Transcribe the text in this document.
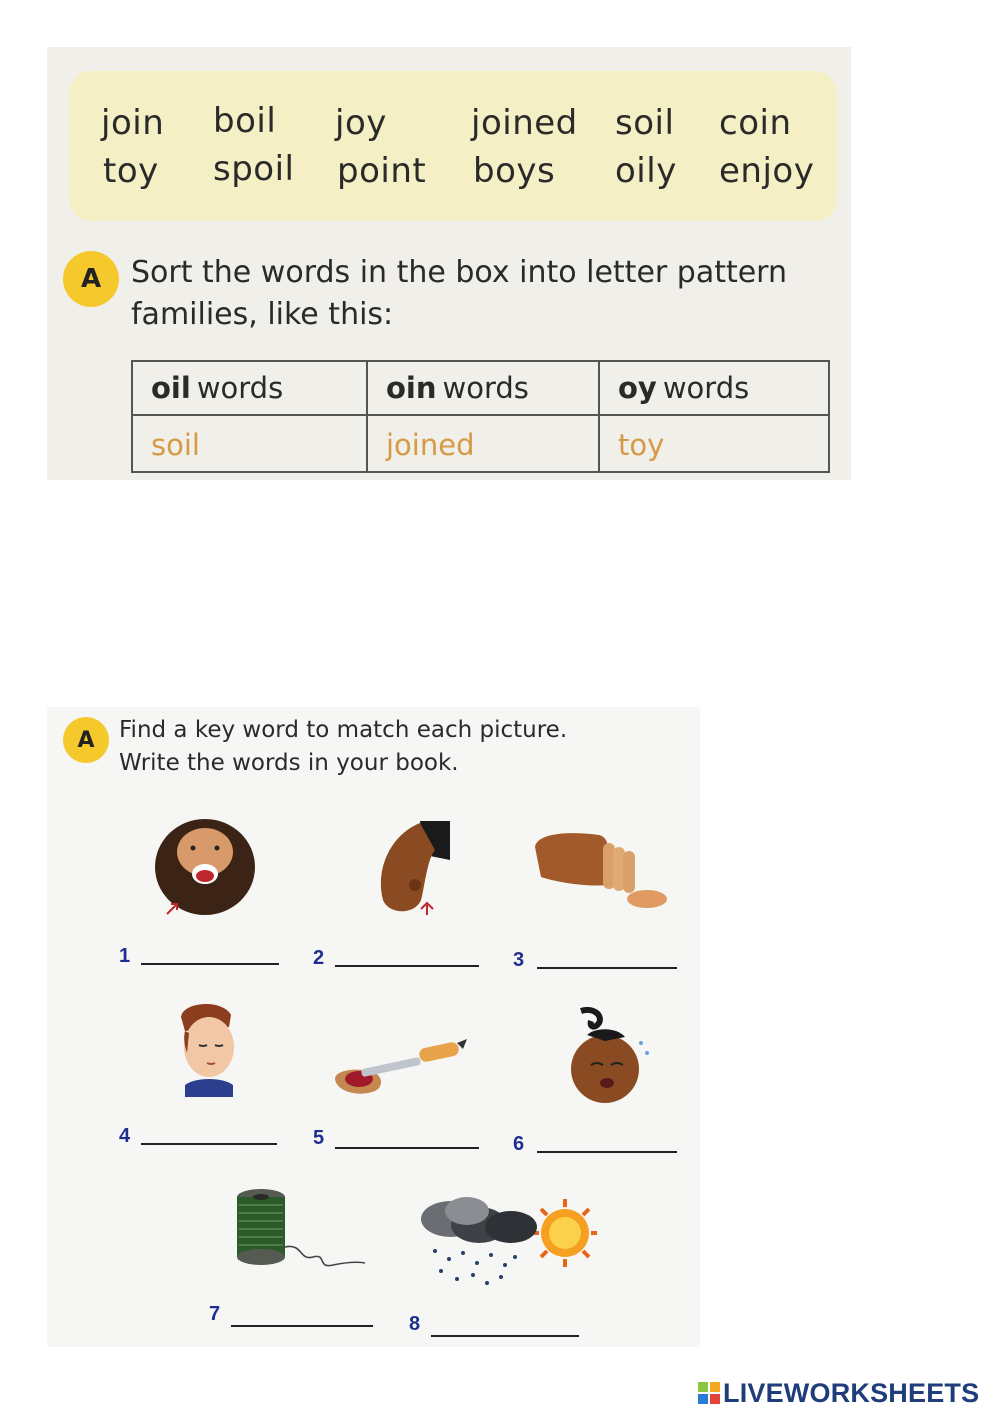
join boil joy joined soil coin
toy spoil point boys oily enjoy
A Sort the words in the box into letter pattern
families, like this:
oil words	oin words	oy words
soil	joined	toy
A	Find a key word to match each picture.
Write the words in your book.
1	2	3
4	5	6
7	8
LIVEWORKSHEETS
